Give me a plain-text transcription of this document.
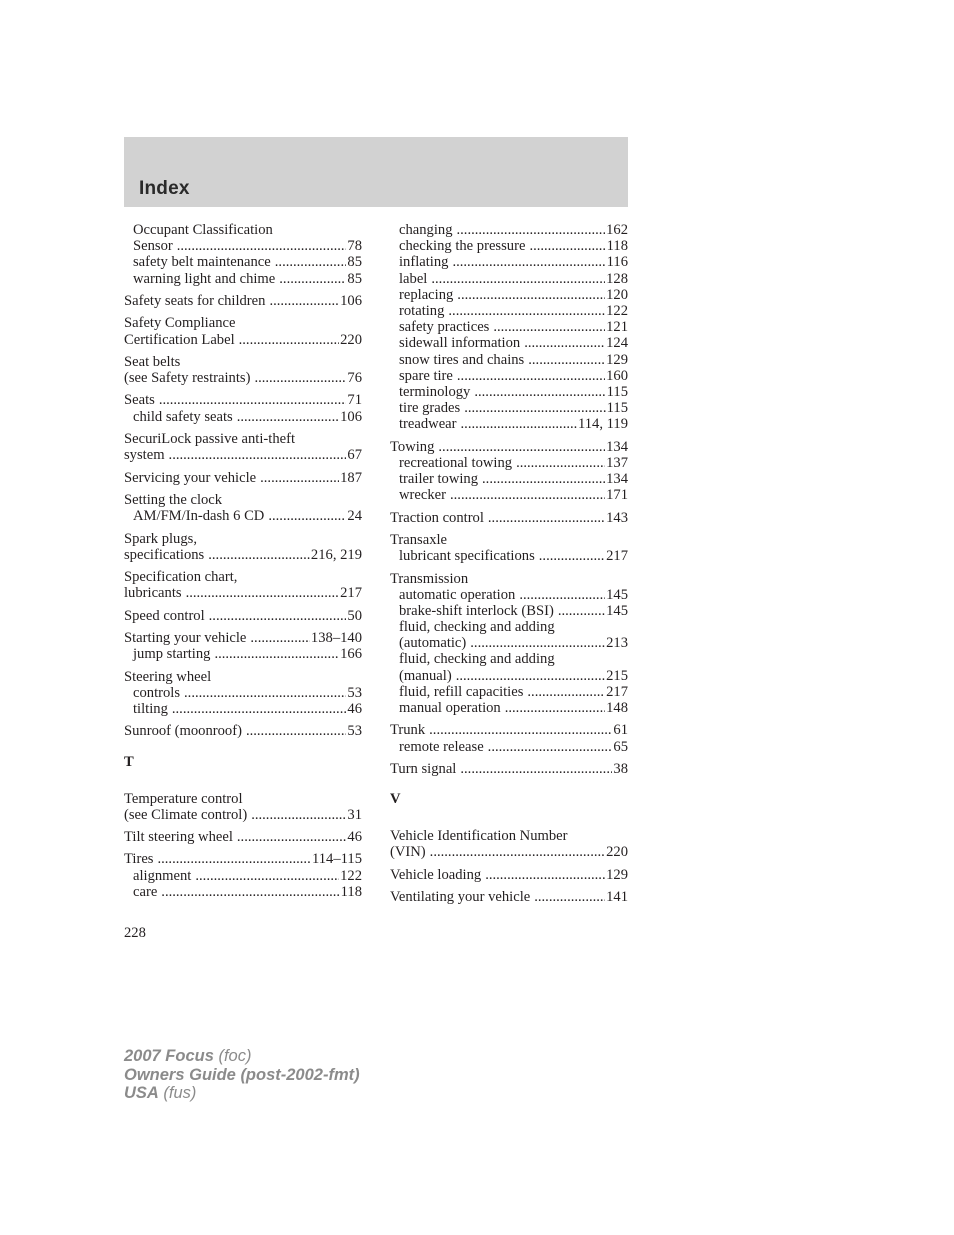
Index
Occupant Classification
Sensor .....	78
safety belt maintenance .....	85
warning light and chime .....	85
Safety seats for children .....	106
Safety Compliance
Certification Label .....	220
Seat belts
(see Safety restraints) .....	76
Seats .....	71
child safety seats .....	106
SecuriLock passive anti-theft
system .....	67
Servicing your vehicle .....	187
Setting the clock
AM/FM/In-dash 6 CD .....	24
Spark plugs,
specifications .....	216, 219
Specification chart,
lubricants .....	217
Speed control .....	50
Starting your vehicle .....	138–140
jump starting .....	166
Steering wheel
controls .....	53
tilting .....	46
Sunroof (moonroof) .....	53
T
Temperature control
(see Climate control) .....	31
Tilt steering wheel .....	46
Tires .....	114–115
alignment .....	122
care .....	118
changing .....	162
checking the pressure .....	118
inflating .....	116
label .....	128
replacing .....	120
rotating .....	122
safety practices .....	121
sidewall information .....	124
snow tires and chains .....	129
spare tire .....	160
terminology .....	115
tire grades .....	115
treadwear .....	114, 119
Towing .....	134
recreational towing .....	137
trailer towing .....	134
wrecker .....	171
Traction control .....	143
Transaxle
lubricant specifications .....	217
Transmission
automatic operation .....	145
brake-shift interlock (BSI) .....	145
fluid, checking and adding
(automatic) .....	213
fluid, checking and adding
(manual) .....	215
fluid, refill capacities .....	217
manual operation .....	148
Trunk .....	61
remote release .....	65
Turn signal .....	38
V
Vehicle Identification Number
(VIN) .....	220
Vehicle loading .....	129
Ventilating your vehicle .....	141
228
2007 Focus (foc)
Owners Guide (post-2002-fmt)
USA (fus)
